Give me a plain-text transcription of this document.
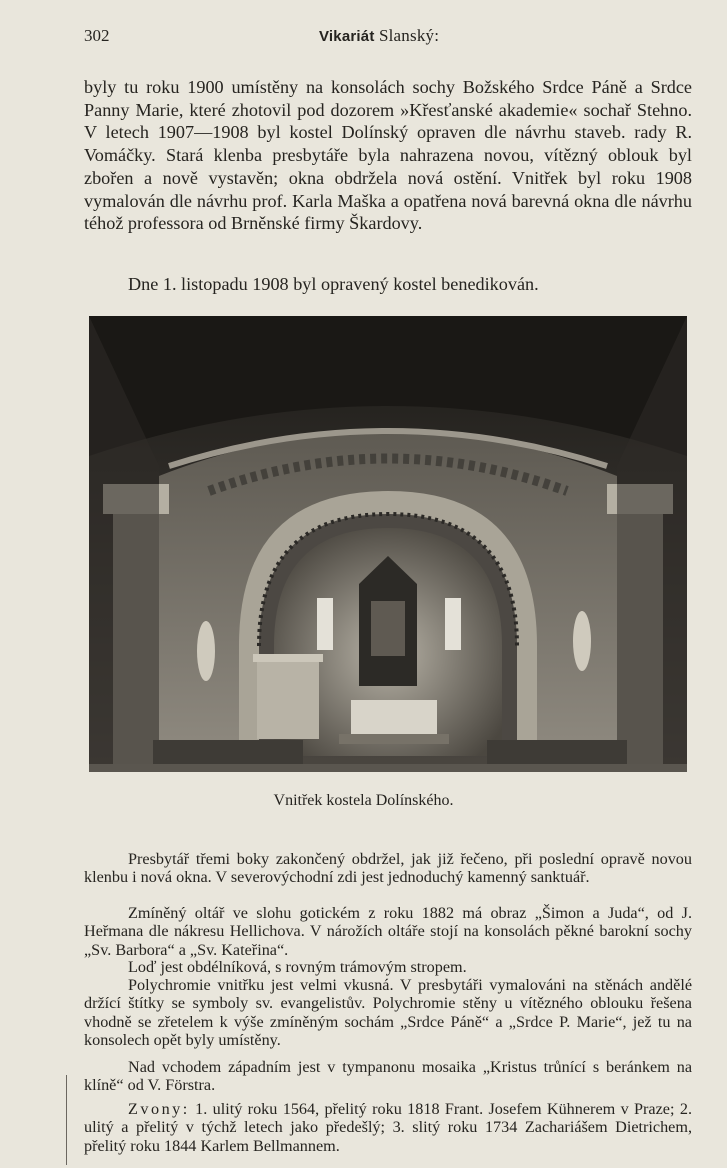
302	Vikariát Slanský:

byly tu roku 1900 umístěny na konsolách sochy Božského Srdce Páně a Srdce Panny Marie, které zhotovil pod dozorem »Křesťanské akademie« sochař Stehno. V letech 1907—1908 byl kostel Dolínský opraven dle návrhu staveb. rady R. Vomáčky. Stará klenba presbytáře byla nahrazena novou, vítězný oblouk byl zbořen a nově vystavěn; okna obdržela nová ostění. Vnitřek byl roku 1908 vymalován dle návrhu prof. Karla Maška a opatřena nová barevná okna dle návrhu téhož professora od Brněnské firmy Škardovy.

Dne 1. listopadu 1908 byl opravený kostel benedikován.

Vnitřek kostela Dolínského.

Presbytář třemi boky zakončený obdržel, jak již řečeno, při poslední opravě novou klenbu i nová okna. V severovýchodní zdi jest jednoduchý kamenný sanktuář.

Zmíněný oltář ve slohu gotickém z roku 1882 má obraz „Šimon a Juda“, od J. Heřmana dle nákresu Hellichova. V nárožích oltáře stojí na konsolách pěkné barokní sochy „Sv. Barbora“ a „Sv. Kateřina“.

Loď jest obdélníková, s rovným trámovým stropem.

Polychromie vnitřku jest velmi vkusná. V presbytáři vymalováni na stěnách andělé držící štítky se symboly sv. evangelistův. Polychromie stěny u vítězného oblouku řešena vhodně se zřetelem k výše zmíněným sochám „Srdce Páně“ a „Srdce P. Marie“, jež tu na konsolech opět byly umístěny.

Nad vchodem západním jest v tympanonu mosaika „Kristus trůnící s beránkem na klíně“ od V. Förstra.

Zvony: 1. ulitý roku 1564, přelitý roku 1818 Frant. Josefem Kühnerem v Praze; 2. ulitý a přelitý v týchž letech jako předešlý; 3. slitý roku 1734 Zachariášem Dietrichem, přelitý roku 1844 Karlem Bellmannem.
